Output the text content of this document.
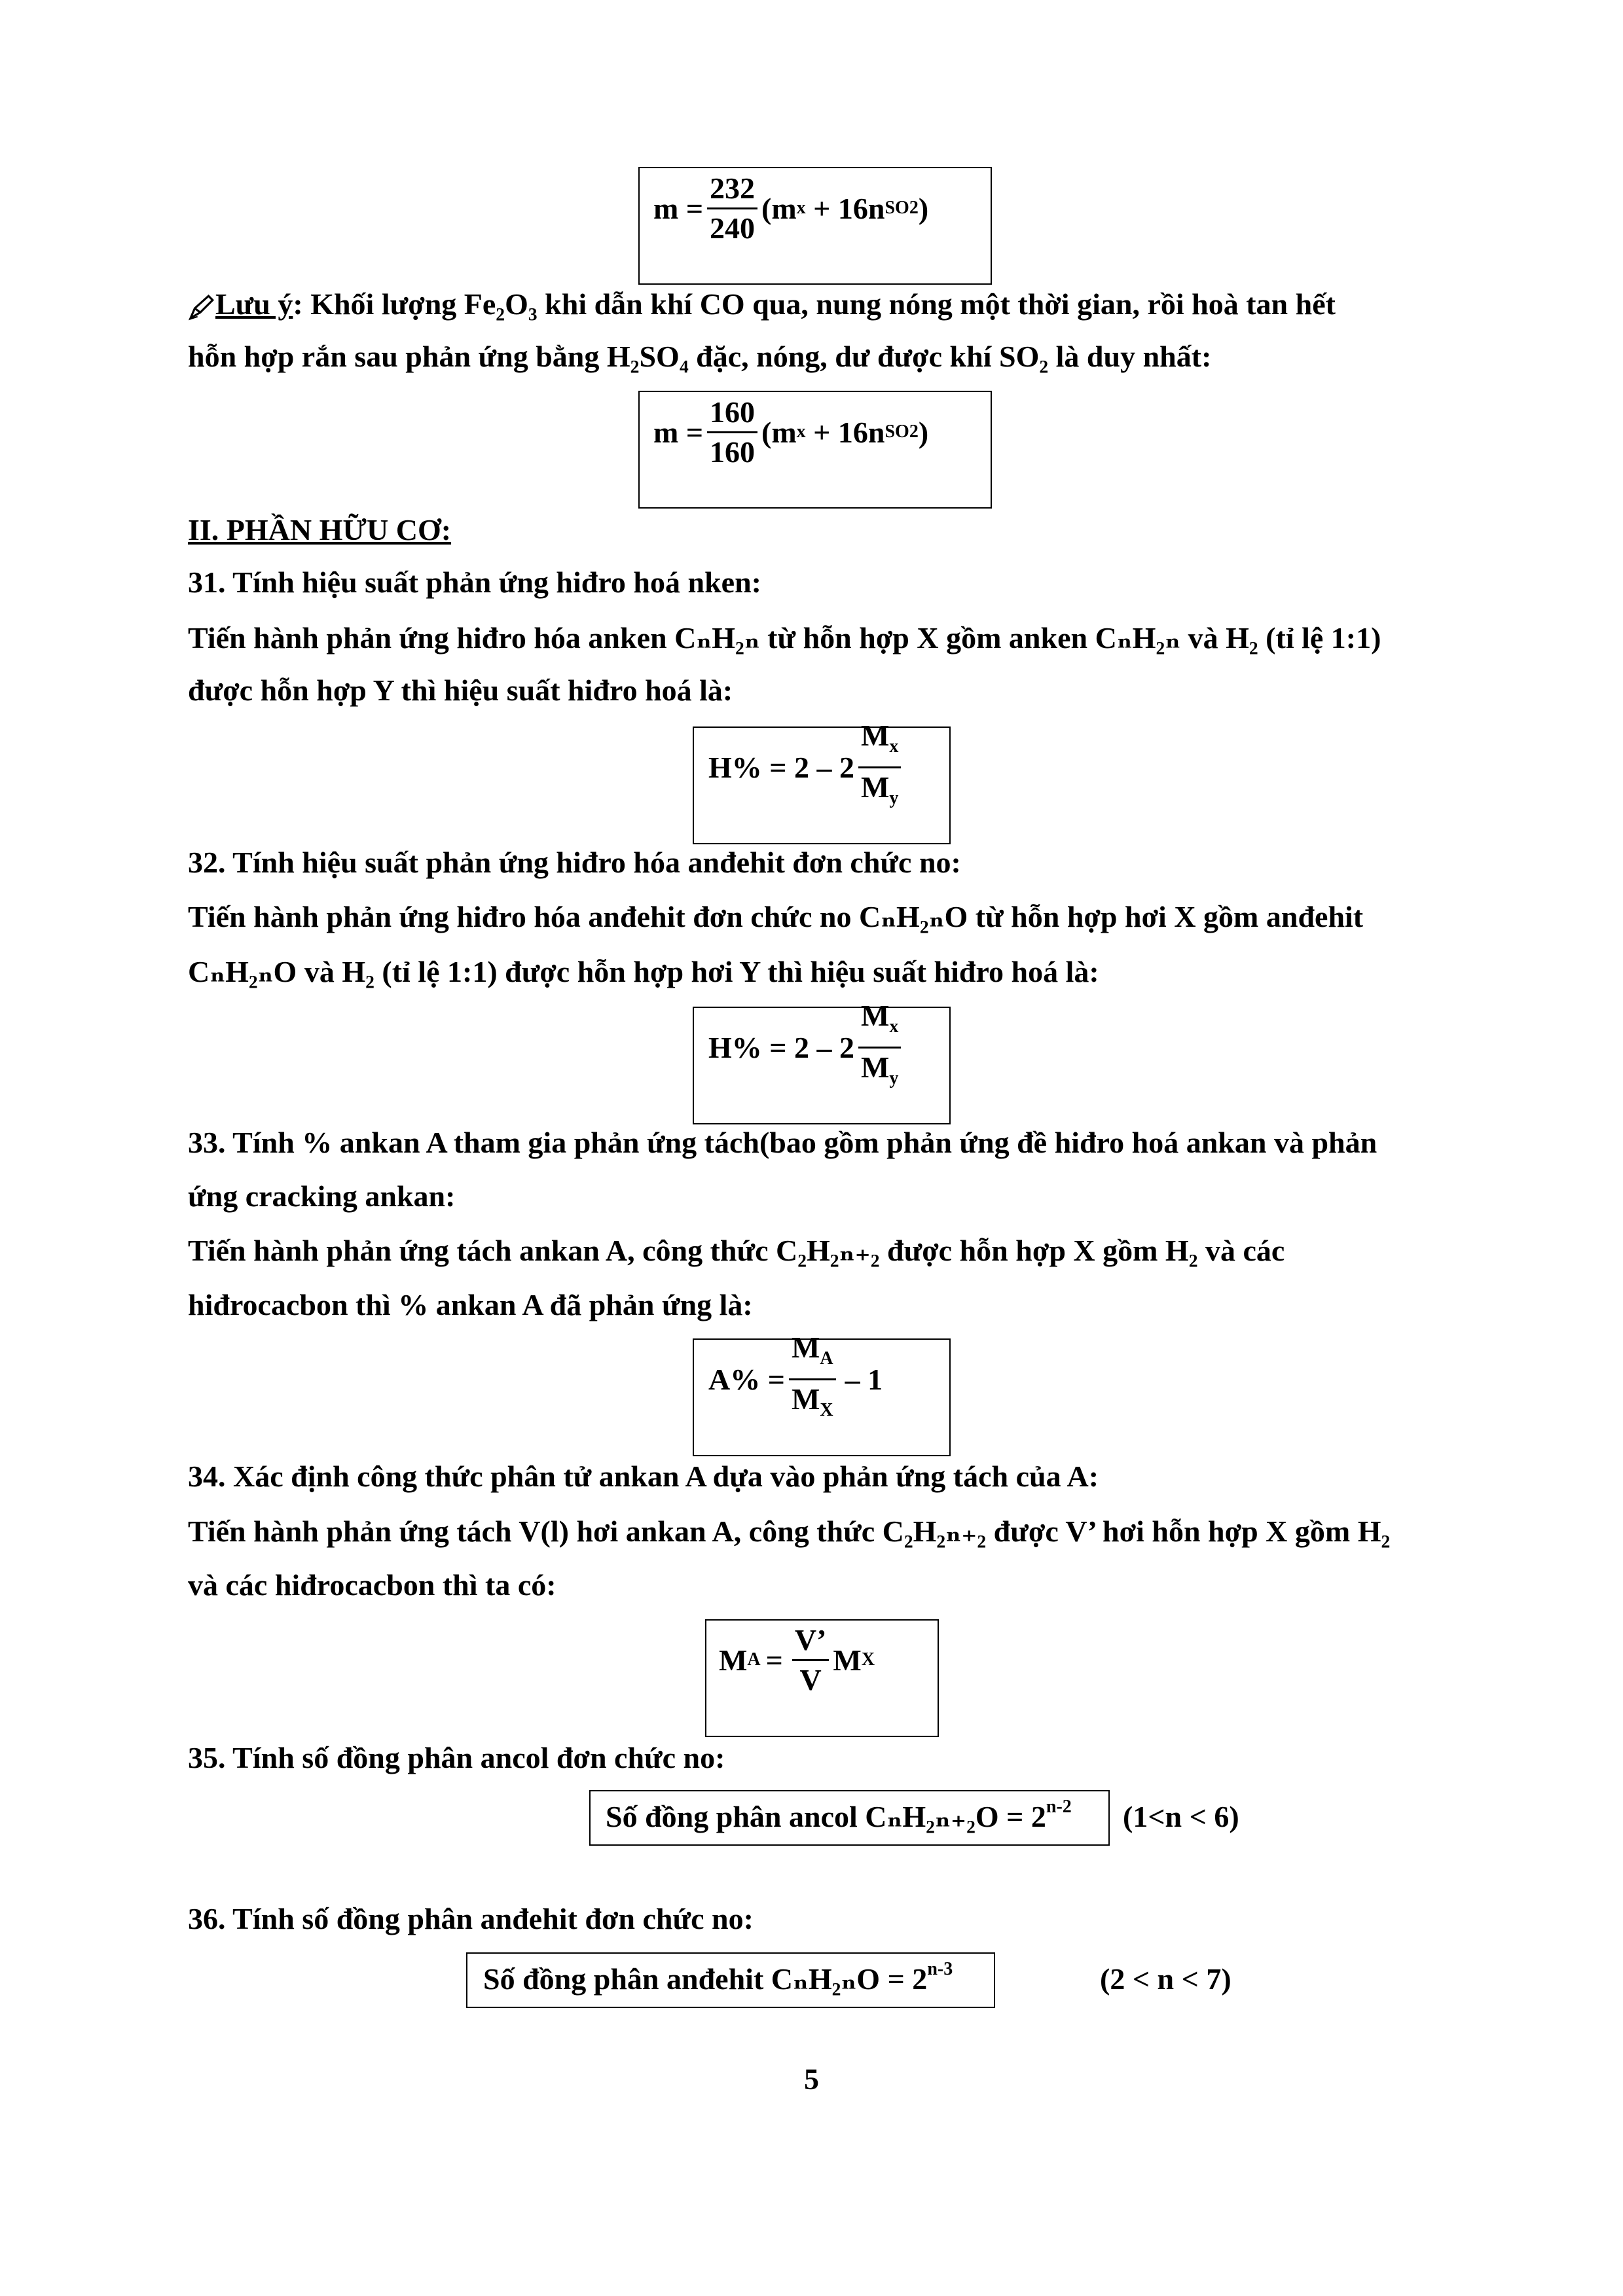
$m = \frac{232}{240} (m$ x + 16n SO2 )
Lưu ý: Khối lượng Fe₂O₃ khi dẫn khí CO qua, nung nóng một thời gian, rồi hoà tan hết
hỗn hợp rắn sau phản ứng bằng H₂SO₄ đặc, nóng, dư được khí SO₂ là duy nhất:
$m = \frac{160}{160} (m$ x + 16n SO2 )
II. PHẦN HỮU CƠ:
31. Tính hiệu suất phản ứng hiđro hoá nken:
Tiến hành phản ứng hiđro hóa anken CₙH₂ₙ từ hỗn hợp X gồm anken CₙH₂ₙ và H₂ (tỉ lệ 1:1)
được hỗn hợp Y thì hiệu suất hiđro hoá là:
$H\% = 2 - 2 \frac{M_x}{M_y}$
32. Tính hiệu suất phản ứng hiđro hóa anđehit đơn chức no:
Tiến hành phản ứng hiđro hóa anđehit đơn chức no CₙH₂ₙO từ hỗn hợp hơi X gồm anđehit
CₙH₂ₙO và H₂ (tỉ lệ 1:1) được hỗn hợp hơi Y thì hiệu suất hiđro hoá là:
$H\% = 2 - 2 \frac{M_x}{M_y}$
33. Tính % ankan A tham gia phản ứng tách(bao gồm phản ứng đề hiđro hoá ankan và phản
ứng cracking ankan:
Tiến hành phản ứng tách ankan A, công thức C₂H₂ₙ₊₂ được hỗn hợp X gồm H₂ và các
hiđrocacbon thì % ankan A đã phản ứng là:
$A\% = \frac{M_A}{M_X} - 1$
34. Xác định công thức phân tử ankan A dựa vào phản ứng tách của A:
Tiến hành phản ứng tách V(l) hơi ankan A, công thức C₂H₂ₙ₊₂ được V’ hơi hỗn hợp X gồm H₂
và các hiđrocacbon thì ta có:
M $A = \frac{V’}{V}$ M X
35. Tính số đồng phân ancol đơn chức no:
Số đồng phân ancol $C_nH_{2n+2}O = 2^{n-2}$ (1<n < 6)
36. Tính số đồng phân anđehit đơn chức no:
Số đồng phân anđehit $C_nH_{2n}O = 2^{n-3}$	(2 < n < 7)
5
